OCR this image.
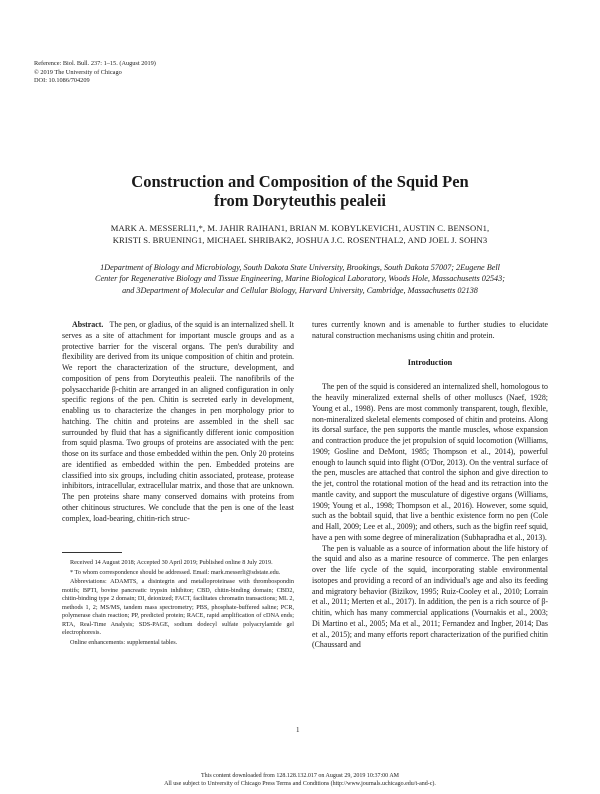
Reference: Biol. Bull. 237: 1–15. (August 2019)
© 2019 The University of Chicago
DOI: 10.1086/704209
Construction and Composition of the Squid Pen
from Doryteuthis pealeii
MARK A. MESSERLI1,*, M. JAHIR RAIHAN1, BRIAN M. KOBYLKEVICH1, AUSTIN C. BENSON1,
KRISTI S. BRUENING1, MICHAEL SHRIBAK2, JOSHUA J.C. ROSENTHAL2, AND JOEL J. SOHN3
1Department of Biology and Microbiology, South Dakota State University, Brookings, South Dakota 57007; 2Eugene Bell
Center for Regenerative Biology and Tissue Engineering, Marine Biological Laboratory, Woods Hole, Massachusetts 02543;
and 3Department of Molecular and Cellular Biology, Harvard University, Cambridge, Massachusetts 02138

Abstract. The pen, or gladius, of the squid is an internalized shell. It serves as a site of attachment for important muscle groups and as a protective barrier for the visceral organs. The pen's durability and flexibility are derived from its unique composition of chitin and protein. We report the characterization of the structure, development, and composition of pens from Doryteuthis pealeii. The nanofibrils of the polysaccharide β-chitin are arranged in an aligned configuration in only specific regions of the pen. Chitin is secreted early in development, enabling us to characterize the changes in pen morphology prior to hatching. The chitin and proteins are assembled in the shell sac surrounded by fluid that has a significantly different ionic composition from squid plasma. Two groups of proteins are associated with the pen: those on its surface and those embedded within the pen. Only 20 proteins are identified as embedded within the pen. Embedded proteins are classified into six groups, including chitin associated, protease, protease inhibitors, intracellular, extracellular matrix, and those that are unknown. The pen proteins share many conserved domains with proteins from other chitinous structures. We conclude that the pen is one of the least complex, load-bearing, chitin-rich struc-

Received 14 August 2018; Accepted 30 April 2019; Published online 8 July 2019.

* To whom correspondence should be addressed. Email: mark.messerli@sdstate.edu.

Abbreviations: ADAMTS, a disintegrin and metalloproteinase with thrombospondin motifs; BPTI, bovine pancreatic trypsin inhibitor; CBD, chitin-binding domain; CBD2, chitin-binding type 2 domain; DI, deionized; FACT, facilitates chromatin transactions; ML 2, methods 1, 2; MS/MS, tandem mass spectrometry; PBS, phosphate-buffered saline; PCR, polymerase chain reaction; PP, predicted protein; RACE, rapid amplification of cDNA ends; RTA, Real-Time Analysis; SDS-PAGE, sodium dodecyl sulfate polyacrylamide gel electrophoresis.

Online enhancements: supplemental tables.

tures currently known and is amenable to further studies to elucidate natural construction mechanisms using chitin and protein.

Introduction

The pen of the squid is considered an internalized shell, homologous to the heavily mineralized external shells of other molluscs (Naef, 1928; Young et al., 1998). Pens are most commonly transparent, tough, flexible, non-mineralized skeletal elements composed of chitin and proteins. Along its dorsal surface, the pen supports the mantle muscles, whose expansion and contraction produce the jet propulsion of squid locomotion (Williams, 1909; Gosline and DeMont, 1985; Thompson et al., 2014), powerful enough to launch squid into flight (O'Dor, 2013). On the ventral surface of the pen, muscles are attached that control the siphon and give direction to the jet, control the rotational motion of the head and its retraction into the mantle cavity, and support the musculature of digestive organs (Williams, 1909; Young et al., 1998; Thompson et al., 2016). However, some squid, such as the bobtail squid, that live a benthic existence form no pen (Cole and Hall, 2009; Lee et al., 2009); and others, such as the bigfin reef squid, have a pen with some degree of mineralization (Subhapradha et al., 2013).

The pen is valuable as a source of information about the life history of the squid and also as a marine resource of commerce. The pen enlarges over the life cycle of the squid, incorporating stable environmental isotopes and providing a record of an individual's age and also its feeding and migratory behavior (Bizikov, 1995; Ruiz-Cooley et al., 2010; Lorrain et al., 2011; Merten et al., 2017). In addition, the pen is a rich source of β-chitin, which has many commercial applications (Vournakis et al., 2003; Di Martino et al., 2005; Ma et al., 2011; Fernandez and Ingber, 2014; Das et al., 2015); and many efforts report characterization of the purified chitin (Chaussard and

1
This content downloaded from 128.128.132.017 on August 29, 2019 10:37:00 AM
All use subject to University of Chicago Press Terms and Conditions (http://www.journals.uchicago.edu/t-and-c).
